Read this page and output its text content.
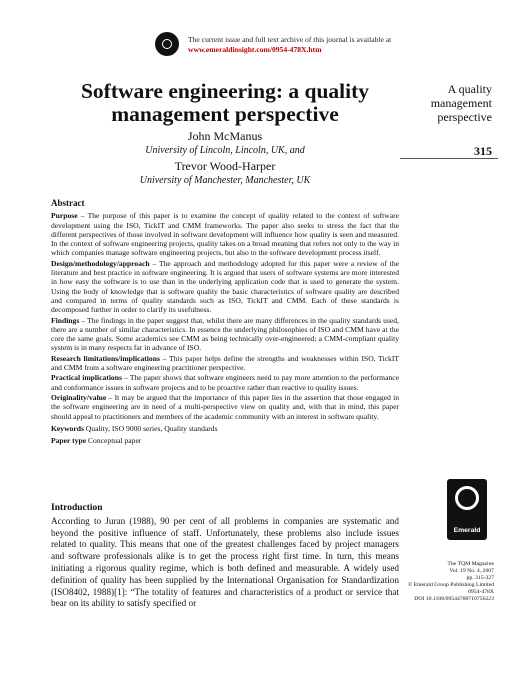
The current issue and full text archive of this journal is available at
www.emeraldinsight.com/0954-478X.htm
Software engineering: a quality
management perspective
John McManus
University of Lincoln, Lincoln, UK, and
Trevor Wood-Harper
University of Manchester, Manchester, UK
A quality
management
perspective
315
Abstract

Purpose – The purpose of this paper is to examine the concept of quality related to the context of software development using the ISO, TickIT and CMM frameworks. The paper also seeks to stress the fact that the different perspectives of those involved in software development will influence how quality is seen and measured. In the context of software engineering projects, quality takes on a broad meaning that refers not only to the way in which companies manage software engineering projects, but also to the software development process itself.

Design/methodology/approach – The approach and methodology adopted for this paper were a review of the literature and best practice in software engineering. It is argued that users of software systems are more interested in how easy the software is to use than in the underlying application code that is used to generate the system. Using the body of knowledge that is software quality the basic characteristics of software quality are described and compared in terms of quality standards such as ISO, TickIT and CMM. Each of these standards is decomposed further in order to clarify its usefulness.

Findings – The findings in the paper suggest that, whilst there are many differences in the quality standards used, there are a number of similar characteristics. In essence the underlying philosophies of ISO and CMM have at the core the same goals. Some academics see CMM as being technically over-engineered; a CMM-compliant quality system is in many respects far in advance of ISO.

Research limitations/implications – This paper helps define the strengths and weaknesses within ISO, TickIT and CMM from a software engineering practitioner perspective.

Practical implications – The paper shows that software engineers need to pay more attention to the performance and conformance issues in software projects and to be proactive rather than reactive to quality issues.

Originality/value – It may be argued that the importance of this paper lies in the assertion that those engaged in the software engineering are in need of a multi-perspective view on quality and, with that in mind, this paper should appeal to practitioners and members of the academic community with an interest in software quality.

Keywords Quality, ISO 9000 series, Quality standards

Paper type Conceptual paper

Introduction

According to Juran (1988), 90 per cent of all problems in companies are systematic and beyond the positive influence of staff. Unfortunately, these problems also include issues related to quality. This means that one of the greatest challenges faced by project managers and software professionals alike is to get the process right first time. In turn, this means initiating a rigorous quality regime, which is both defined and measurable. A widely used definition of quality has been supplied by the International Organisation for Standardization (ISO8402, 1988)[1]: “The totality of features and characteristics of a product or service that bear on its ability to satisfy specified or

Emerald
The TQM Magazine
Vol. 19 No. 4, 2007
pp. 315-327
© Emerald Group Publishing Limited
0954-478X
DOI 10.1108/09544780710756223
